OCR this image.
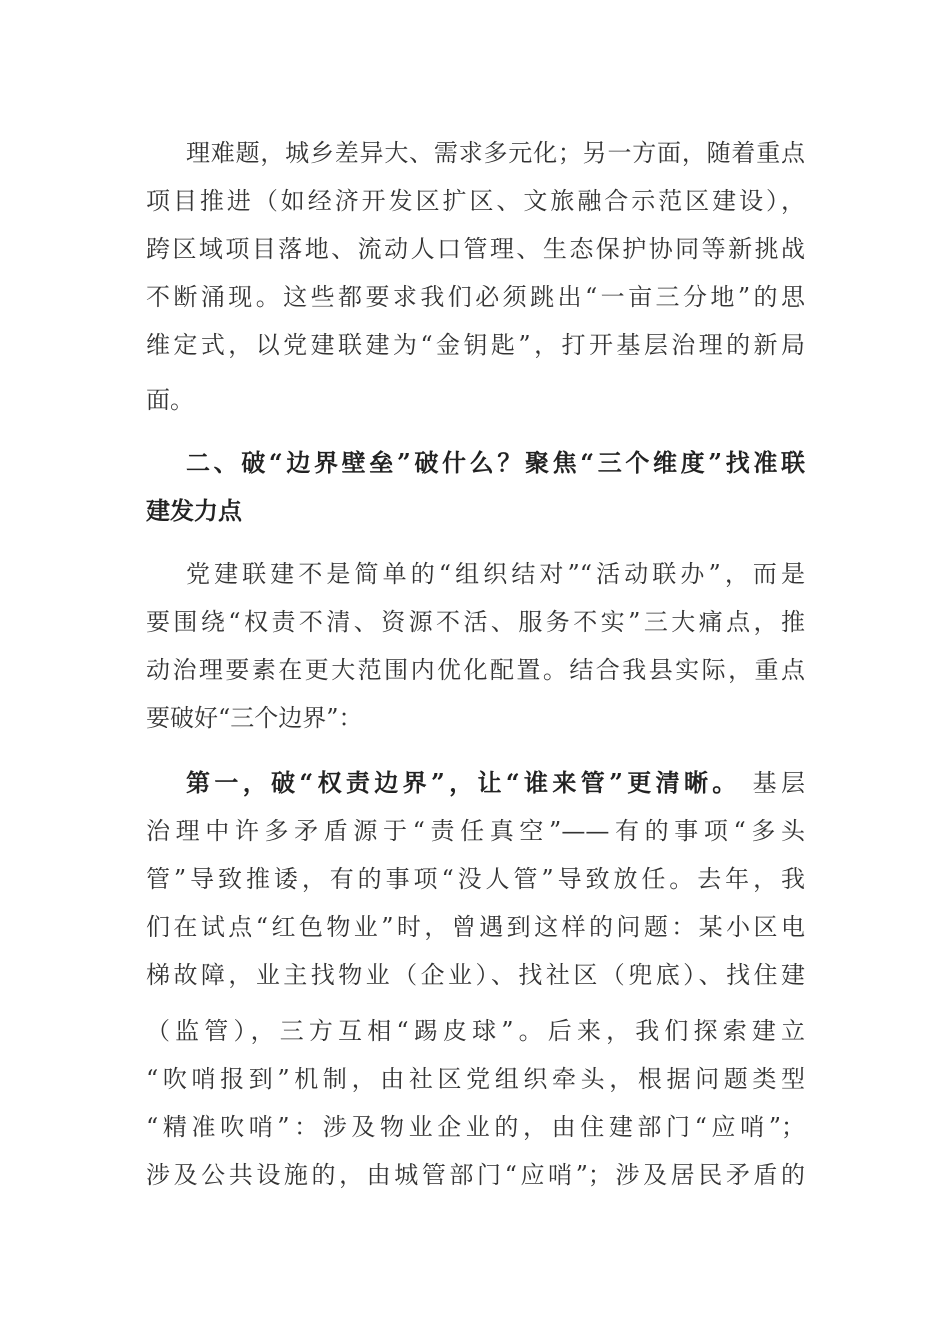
理难题，城乡差异大、需求多元化；另一方面，随着重点
项目推进（如经济开发区扩区、文旅融合示范区建设），
跨区域项目落地、流动人口管理、生态保护协同等新挑战
不断涌现。这些都要求我们必须跳出“一亩三分地”的思
维定式，以党建联建为“金钥匙”，打开基层治理的新局
面。
二、破“边界壁垒”破什么？聚焦“三个维度”找准联
建发力点
党建联建不是简单的“组织结对”“活动联办”，而是
要围绕“权责不清、资源不活、服务不实”三大痛点，推
动治理要素在更大范围内优化配置。结合我县实际，重点
要破好“三个边界”：
第一，破“权责边界”，让“谁来管”更清晰。 基层
治理中许多矛盾源于“责任真空”——有的事项“多头
管”导致推诿，有的事项“没人管”导致放任。去年，我
们在试点“红色物业”时，曾遇到这样的问题：某小区电
梯故障，业主找物业（企业）、找社区（兜底）、找住建
（监管），三方互相“踢皮球”。后来，我们探索建立
“吹哨报到”机制，由社区党组织牵头，根据问题类型
“精准吹哨”：涉及物业企业的，由住建部门“应哨”；
涉及公共设施的，由城管部门“应哨”；涉及居民矛盾的
